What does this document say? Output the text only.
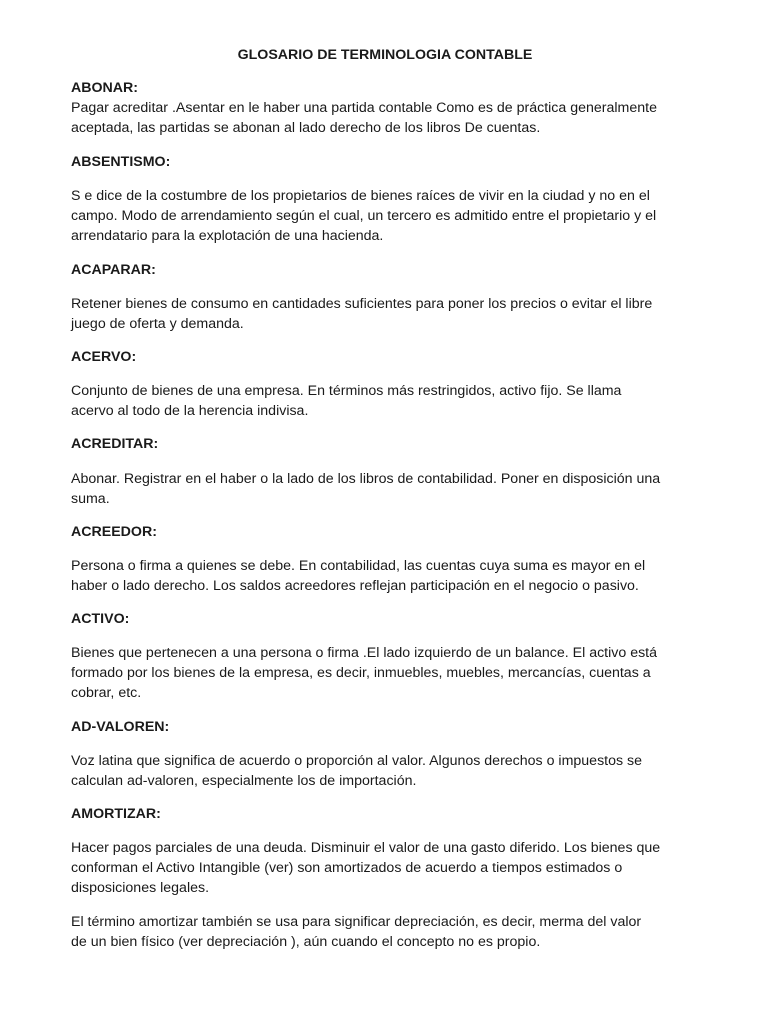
GLOSARIO DE TERMINOLOGIA CONTABLE

ABONAR:

Pagar acreditar .Asentar en le haber una partida contable Como es de práctica generalmente
aceptada, las partidas se abonan al lado derecho de los libros De cuentas.

ABSENTISMO:

S e dice de la costumbre de los propietarios de bienes raíces de vivir en la ciudad y no en el
campo. Modo de arrendamiento según el cual, un tercero es admitido entre el propietario y el
arrendatario para la explotación de una hacienda.

ACAPARAR:

Retener bienes de consumo en cantidades suficientes para poner los precios o evitar el libre
juego de oferta y demanda.

ACERVO:

Conjunto de bienes de una empresa. En términos más restringidos, activo fijo. Se llama
acervo al todo de la herencia indivisa.

ACREDITAR:

Abonar. Registrar en el haber o la lado de los libros de contabilidad. Poner en disposición una
suma.

ACREEDOR:

Persona o firma a quienes se debe. En contabilidad, las cuentas cuya suma es mayor en el
haber o lado derecho. Los saldos acreedores reflejan participación en el negocio o pasivo.

ACTIVO:

Bienes que pertenecen a una persona o firma .El lado izquierdo de un balance. El activo está
formado por los bienes de la empresa, es decir, inmuebles, muebles, mercancías, cuentas a
cobrar, etc.

AD-VALOREN:

Voz latina que significa de acuerdo o proporción al valor. Algunos derechos o impuestos se
calculan ad-valoren, especialmente los de importación.

AMORTIZAR:

Hacer pagos parciales de una deuda. Disminuir el valor de una gasto diferido. Los bienes que
conforman el Activo Intangible (ver) son amortizados de acuerdo a tiempos estimados o
disposiciones legales.

El término amortizar también se usa para significar depreciación, es decir, merma del valor
de un bien físico (ver depreciación ), aún cuando el concepto no es propio.
